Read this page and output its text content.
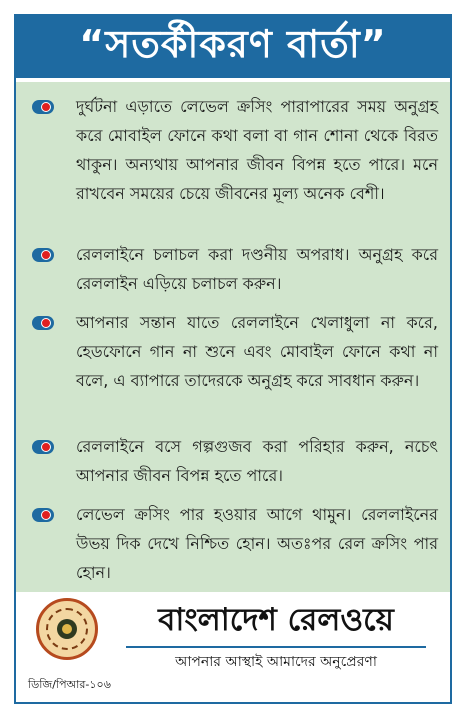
“সতর্কীকরণ বার্তা”
দুর্ঘটনা এড়াতে লেভেল ক্রসিং পারাপারের সময় অনুগ্রহ করে মোবাইল ফোনে কথা বলা বা গান শোনা থেকে বিরত থাকুন। অন্যথায় আপনার জীবন বিপন্ন হতে পারে। মনে রাখবেন সময়ের চেয়ে জীবনের মূল্য অনেক বেশী।
রেললাইনে চলাচল করা দণ্ডনীয় অপরাধ। অনুগ্রহ করে রেললাইন এড়িয়ে চলাচল করুন।
আপনার সন্তান যাতে রেললাইনে খেলাধুলা না করে, হেডফোনে গান না শুনে এবং মোবাইল ফোনে কথা না বলে, এ ব্যাপারে তাদেরকে অনুগ্রহ করে সাবধান করুন।
রেললাইনে বসে গল্পগুজব করা পরিহার করুন, নচেৎ আপনার জীবন বিপন্ন হতে পারে।
লেভেল ক্রসিং পার হওয়ার আগে থামুন। রেললাইনের উভয় দিক দেখে নিশ্চিত হোন। অতঃপর রেল ক্রসিং পার হোন।
বাংলাদেশ রেলওয়ে
আপনার আস্থাই আমাদের অনুপ্রেরণা
ডিজি/পিআর-১০৬
